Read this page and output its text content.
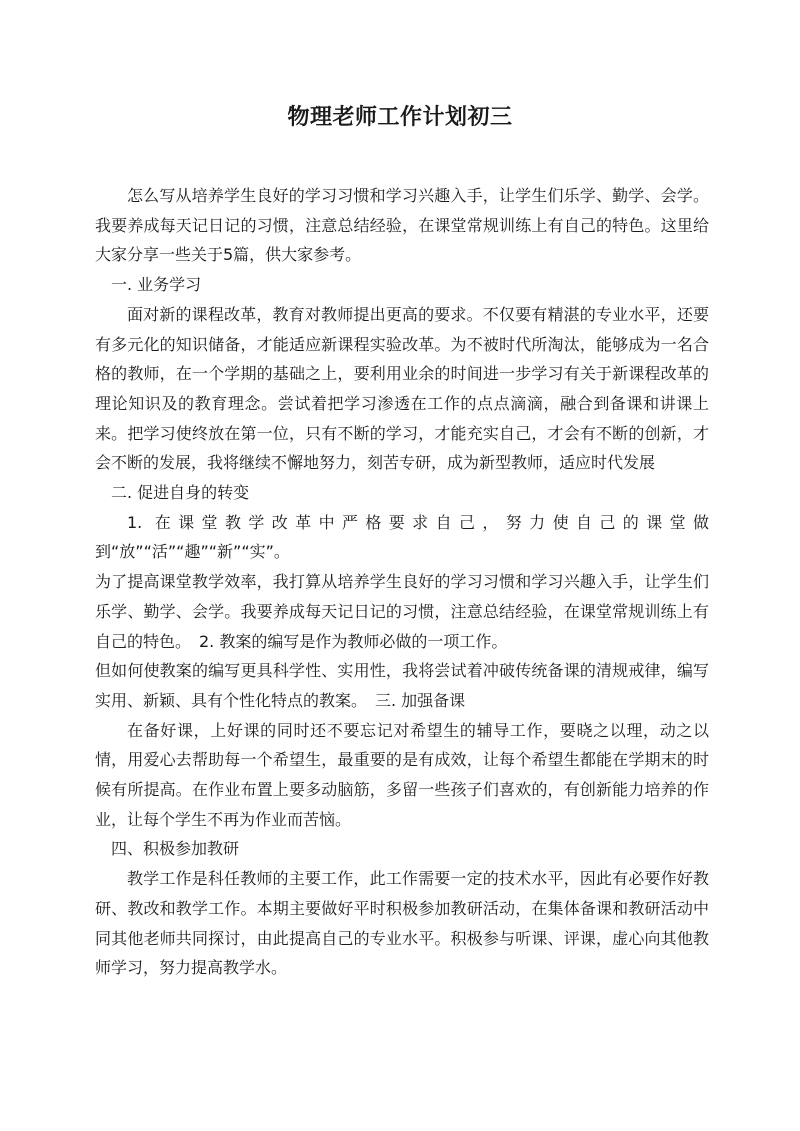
物理老师工作计划初三

怎么写从培养学生良好的学习习惯和学习兴趣入手，让学生们乐学、勤学、会学。我要养成每天记日记的习惯，注意总结经验，在课堂常规训练上有自己的特色。这里给大家分享一些关于5篇，供大家参考。

一. 业务学习

面对新的课程改革，教育对教师提出更高的要求。不仅要有精湛的专业水平，还要有多元化的知识储备，才能适应新课程实验改革。为不被时代所淘汰，能够成为一名合格的教师，在一个学期的基础之上，要利用业余的时间进一步学习有关于新课程改革的理论知识及的教育理念。尝试着把学习渗透在工作的点点滴滴，融合到备课和讲课上来。把学习使终放在第一位，只有不断的学习，才能充实自己，才会有不断的创新，才会不断的发展，我将继续不懈地努力，刻苦专研，成为新型教师，适应时代发展

二. 促进自身的转变

1. 在课堂教学改革中严格要求自己，努力使自己的课堂做到“放”“活”“趣”“新”“实”。

为了提高课堂教学效率，我打算从培养学生良好的学习习惯和学习兴趣入手，让学生们乐学、勤学、会学。我要养成每天记日记的习惯，注意总结经验，在课堂常规训练上有自己的特色。　2. 教案的编写是作为教师必做的一项工作。

但如何使教案的编写更具科学性、实用性，我将尝试着冲破传统备课的清规戒律，编写实用、新颖、具有个性化特点的教案。　三. 加强备课

在备好课，上好课的同时还不要忘记对希望生的辅导工作，要晓之以理，动之以情，用爱心去帮助每一个希望生，最重要的是有成效，让每个希望生都能在学期末的时候有所提高。在作业布置上要多动脑筋，多留一些孩子们喜欢的，有创新能力培养的作业，让每个学生不再为作业而苦恼。

四、积极参加教研

教学工作是科任教师的主要工作，此工作需要一定的技术水平，因此有必要作好教研、教改和教学工作。本期主要做好平时积极参加教研活动，在集体备课和教研活动中同其他老师共同探讨，由此提高自己的专业水平。积极参与听课、评课，虚心向其他教师学习，努力提高教学水。
